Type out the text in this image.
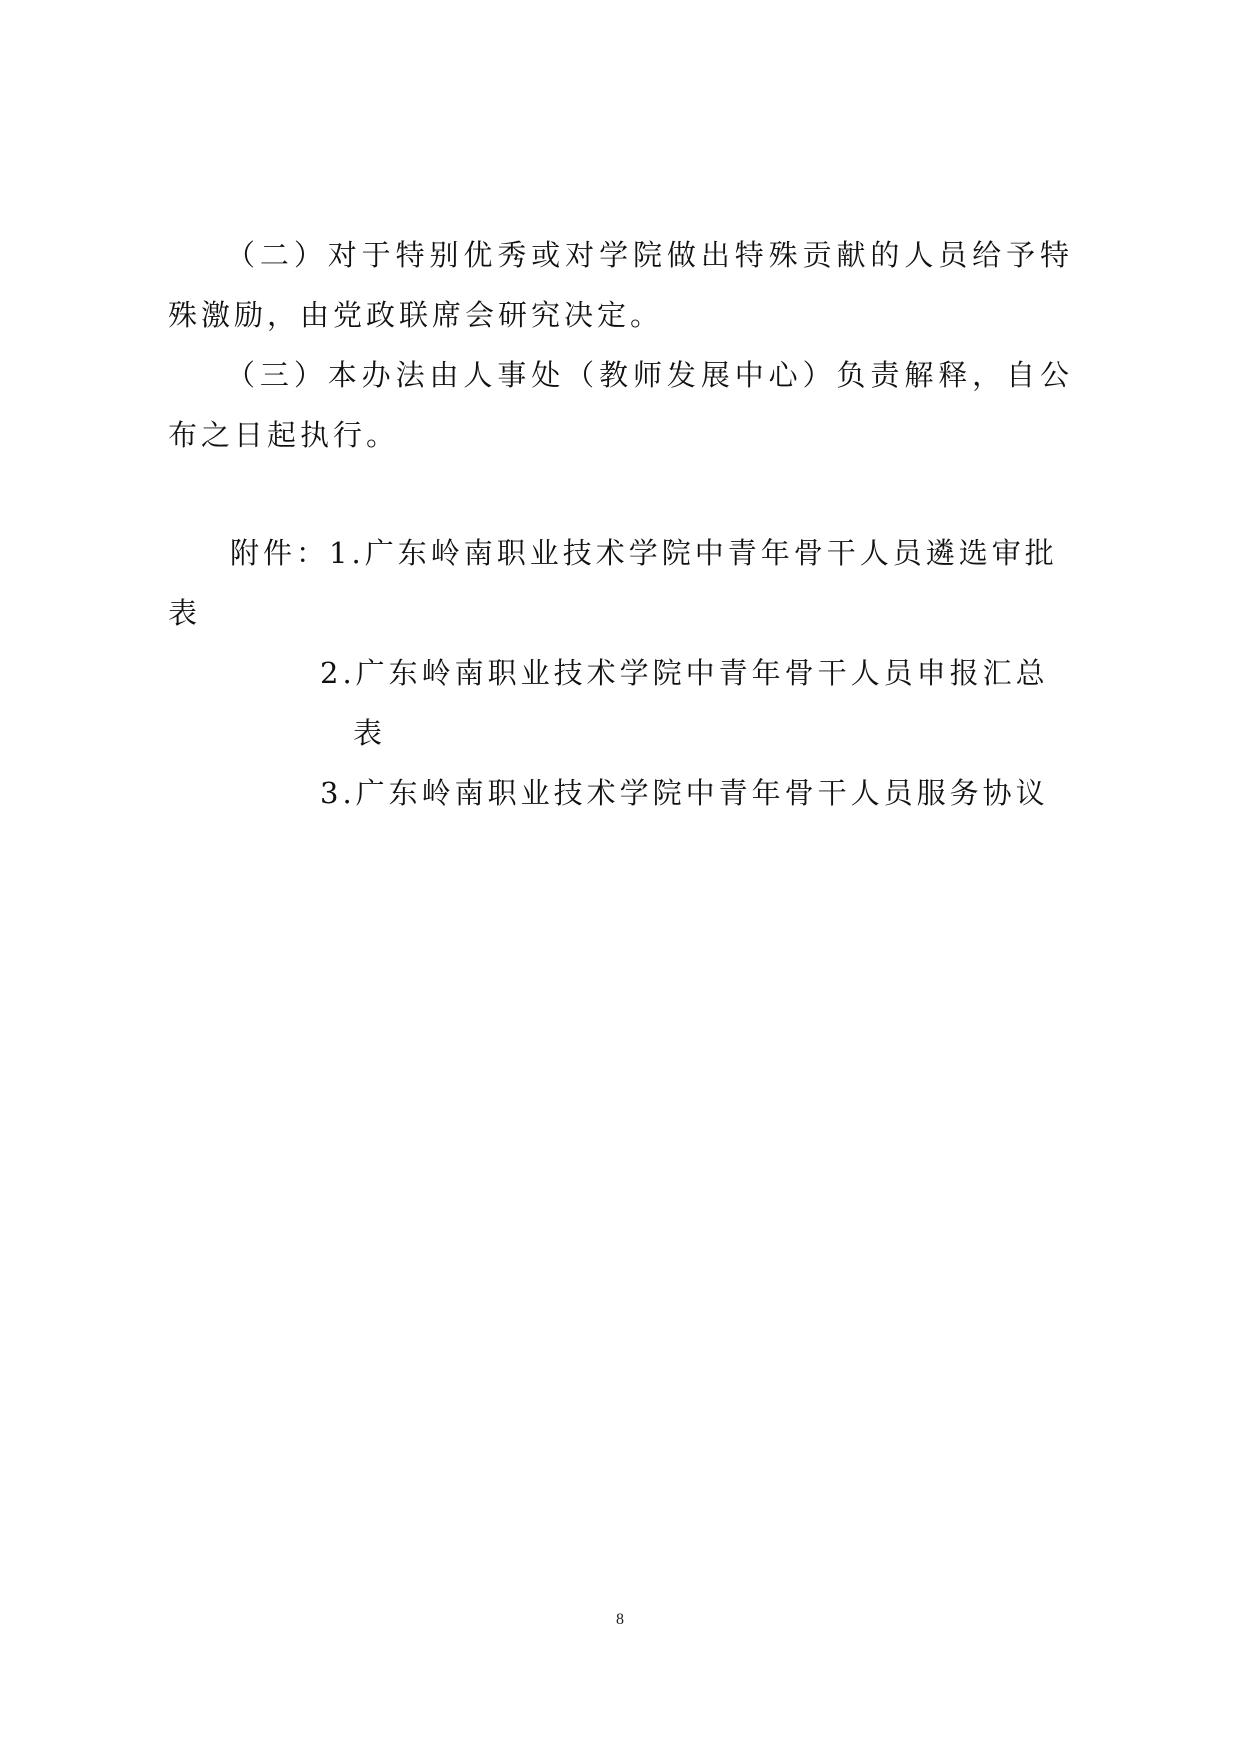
（二）对于特别优秀或对学院做出特殊贡献的人员给予特殊激励，由党政联席会研究决定。

（三）本办法由人事处（教师发展中心）负责解释，自公布之日起执行。

附件：1.广东岭南职业技术学院中青年骨干人员遴选审批

表

2.广东岭南职业技术学院中青年骨干人员申报汇总
表

3.广东岭南职业技术学院中青年骨干人员服务协议

8
